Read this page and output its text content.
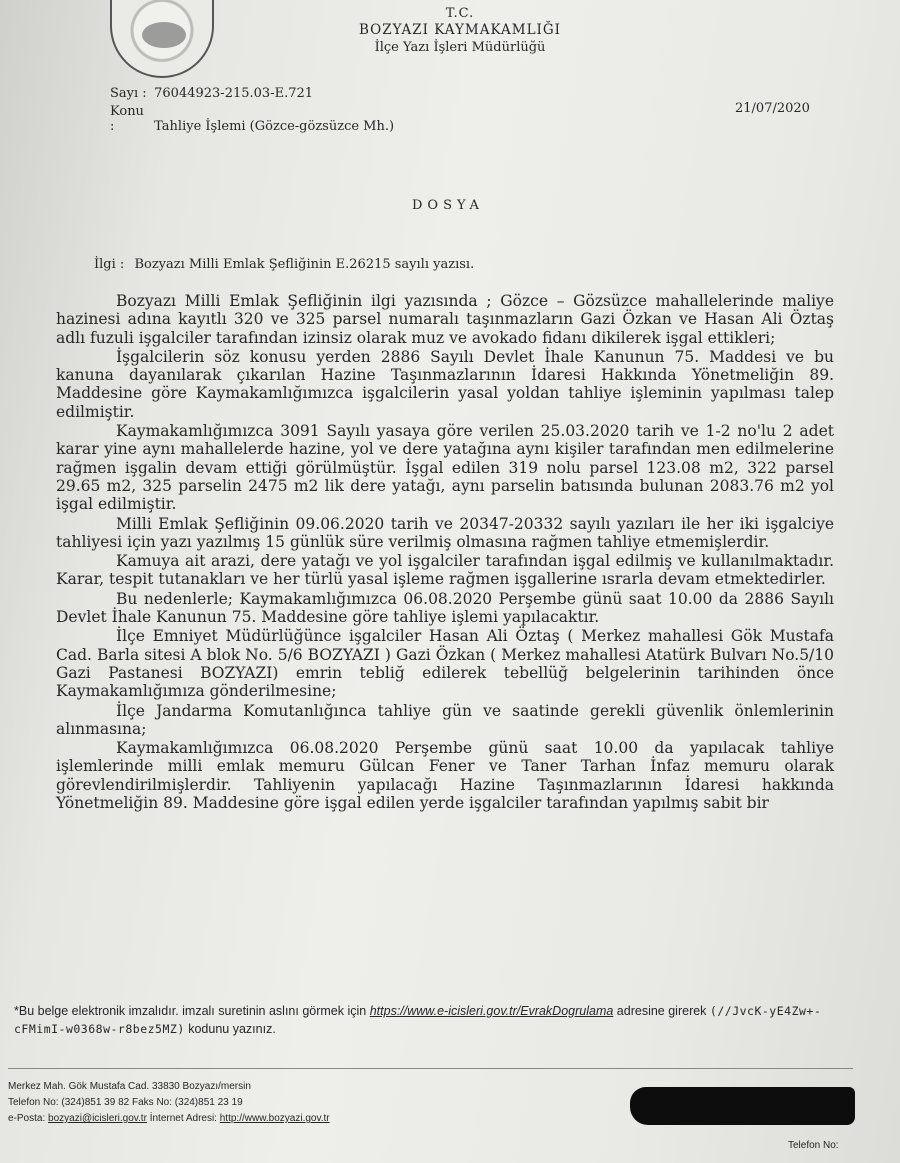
T.C.
BOZYAZI KAYMAKAMLIĞI
İlçe Yazı İşleri Müdürlüğü
Sayı : 76044923-215.03-E.721
Konu :	Tahliye İşlemi (Gözce-gözsüzce Mh.)
21/07/2020
DOSYA
İlgi : Bozyazı Milli Emlak Şefliğinin E.26215 sayılı yazısı.

Bozyazı Milli Emlak Şefliğinin ilgi yazısında ; Gözce – Gözsüzce mahallelerinde maliye hazinesi adına kayıtlı 320 ve 325 parsel numaralı taşınmazların Gazi Özkan ve Hasan Ali Öztaş adlı fuzuli işgalciler tarafından izinsiz olarak muz ve avokado fidanı dikilerek işgal ettikleri;

İşgalcilerin söz konusu yerden 2886 Sayılı Devlet İhale Kanunun 75. Maddesi ve bu kanuna dayanılarak çıkarılan Hazine Taşınmazlarının İdaresi Hakkında Yönetmeliğin 89. Maddesine göre Kaymakamlığımızca işgalcilerin yasal yoldan tahliye işleminin yapılması talep edilmiştir.

Kaymakamlığımızca 3091 Sayılı yasaya göre verilen 25.03.2020 tarih ve 1-2 no'lu 2 adet karar yine aynı mahallelerde hazine, yol ve dere yatağına aynı kişiler tarafından men edilmelerine rağmen işgalin devam ettiği görülmüştür. İşgal edilen 319 nolu parsel 123.08 m2, 322 parsel 29.65 m2, 325 parselin 2475 m2 lik dere yatağı, aynı parselin batısında bulunan 2083.76 m2 yol işgal edilmiştir.

Milli Emlak Şefliğinin 09.06.2020 tarih ve 20347-20332 sayılı yazıları ile her iki işgalciye tahliyesi için yazı yazılmış 15 günlük süre verilmiş olmasına rağmen tahliye etmemişlerdir.

Kamuya ait arazi, dere yatağı ve yol işgalciler tarafından işgal edilmiş ve kullanılmaktadır. Karar, tespit tutanakları ve her türlü yasal işleme rağmen işgallerine ısrarla devam etmektedirler.

Bu nedenlerle; Kaymakamlığımızca 06.08.2020 Perşembe günü saat 10.00 da 2886 Sayılı Devlet İhale Kanunun 75. Maddesine göre tahliye işlemi yapılacaktır.

İlçe Emniyet Müdürlüğünce işgalciler Hasan Ali Öztaş ( Merkez mahallesi Gök Mustafa Cad. Barla sitesi A blok No. 5/6 BOZYAZI ) Gazi Özkan ( Merkez mahallesi Atatürk Bulvarı No.5/10 Gazi Pastanesi BOZYAZI) emrin tebliğ edilerek tebellüğ belgelerinin tarihinden önce Kaymakamlığımıza gönderilmesine;

İlçe Jandarma Komutanlığınca tahliye gün ve saatinde gerekli güvenlik önlemlerinin alınmasına;

Kaymakamlığımızca 06.08.2020 Perşembe günü saat 10.00 da yapılacak tahliye işlemlerinde milli emlak memuru Gülcan Fener ve Taner Tarhan İnfaz memuru olarak görevlendirilmişlerdir. Tahliyenin yapılacağı Hazine Taşınmazlarının İdaresi hakkında Yönetmeliğin 89. Maddesine göre işgal edilen yerde işgalciler tarafından yapılmış sabit bir

*Bu belge elektronik imzalıdır. imzalı suretinin aslını görmek için https://www.e-icisleri.gov.tr/EvrakDogrulama adresine girerek (//JvcK-yE4Zw+-cFMimI-w0368w-r8bez5MZ) kodunu yazınız.
Merkez Mah. Gök Mustafa Cad. 33830 Bozyazı/mersin
Telefon No: (324)851 39 82 Faks No: (324)851 23 19
e-Posta: bozyazi@icisleri.gov.tr İnternet Adresi: http://www.bozyazi.gov.tr
Telefon No:
